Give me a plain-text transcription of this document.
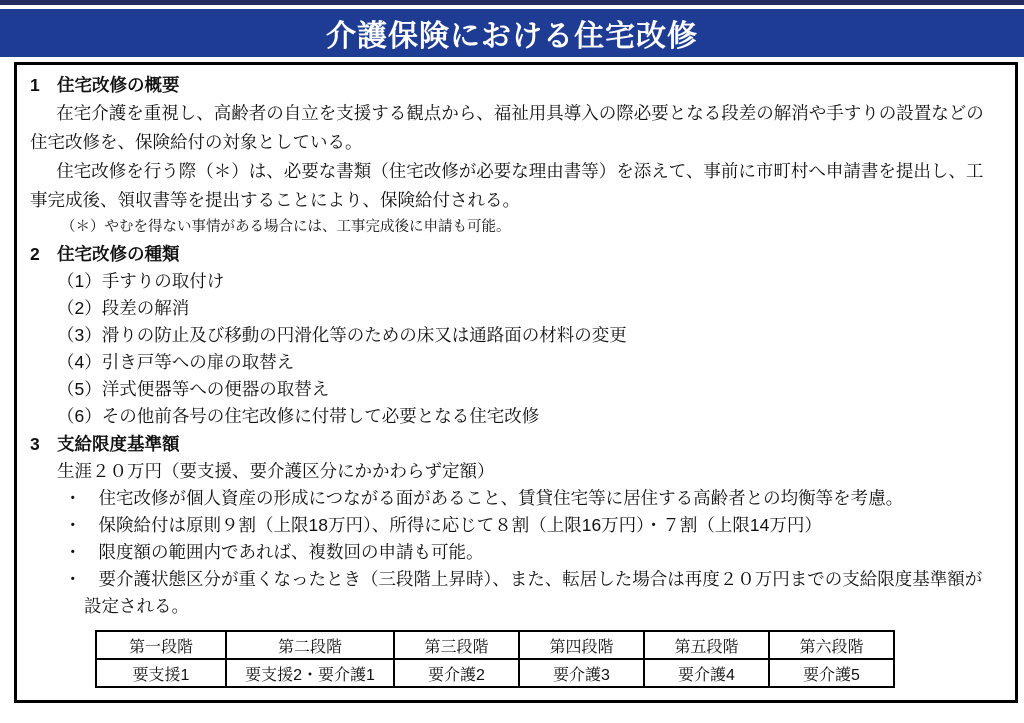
介護保険における住宅改修

1 住宅改修の概要

在宅介護を重視し、高齢者の自立を支援する観点から、福祉用具導入の際必要となる段差の解消や手すりの設置などの住宅改修を、保険給付の対象としている。

住宅改修を行う際（＊）は、必要な書類（住宅改修が必要な理由書等）を添えて、事前に市町村へ申請書を提出し、工事完成後、領収書等を提出することにより、保険給付される。

（＊）やむを得ない事情がある場合には、工事完成後に申請も可能。

2 住宅改修の種類

（1）手すりの取付け

（2）段差の解消

（3）滑りの防止及び移動の円滑化等のための床又は通路面の材料の変更

（4）引き戸等への扉の取替え

（5）洋式便器等への便器の取替え

（6）その他前各号の住宅改修に付帯して必要となる住宅改修

3 支給限度基準額

生涯２０万円（要支援、要介護区分にかかわらず定額）

・ 住宅改修が個人資産の形成につながる面があること、賃貸住宅等に居住する高齢者との均衡等を考慮。

・ 保険給付は原則９割（上限18万円）、所得に応じて８割（上限16万円）・７割（上限14万円）

・ 限度額の範囲内であれば、複数回の申請も可能。

・ 要介護状態区分が重くなったとき（三段階上昇時）、また、転居した場合は再度２０万円までの支給限度基準額が設定される。

第一段階	第二段階	第三段階	第四段階	第五段階	第六段階
要支援1	要支援2・要介護1	要介護2	要介護3	要介護4	要介護5
